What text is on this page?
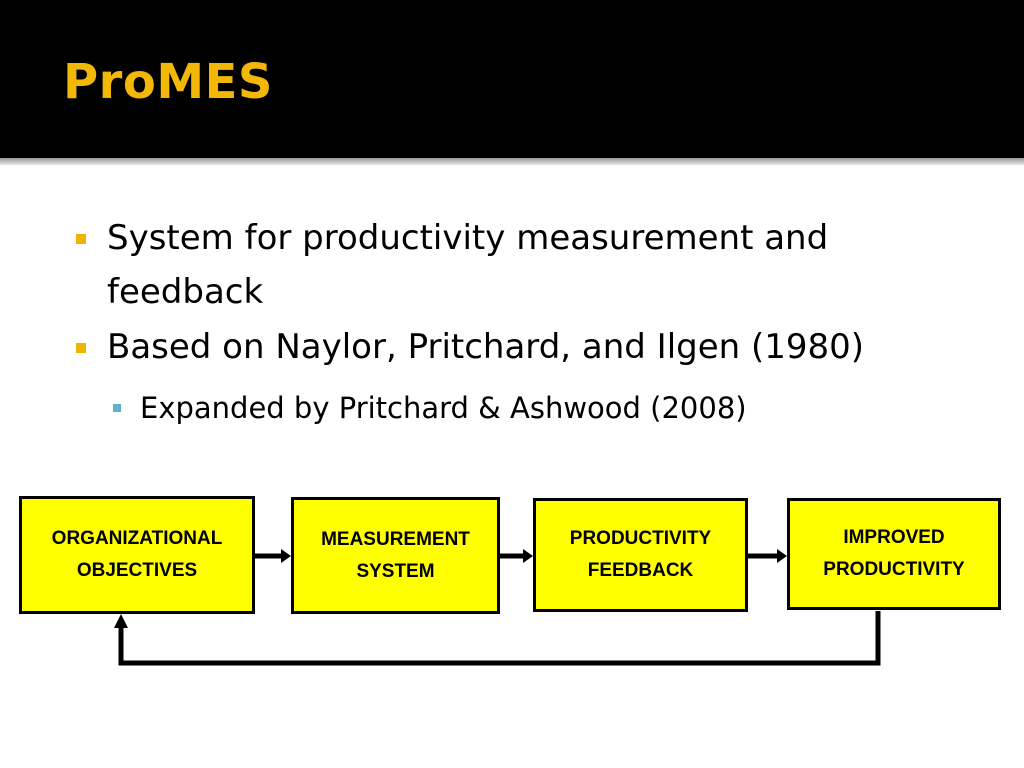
ProMES
System for productivity measurement and
feedback
Based on Naylor, Pritchard, and Ilgen (1980)
Expanded by Pritchard & Ashwood (2008)
ORGANIZATIONAL
OBJECTIVES
MEASUREMENT
SYSTEM
PRODUCTIVITY
FEEDBACK
IMPROVED
PRODUCTIVITY
